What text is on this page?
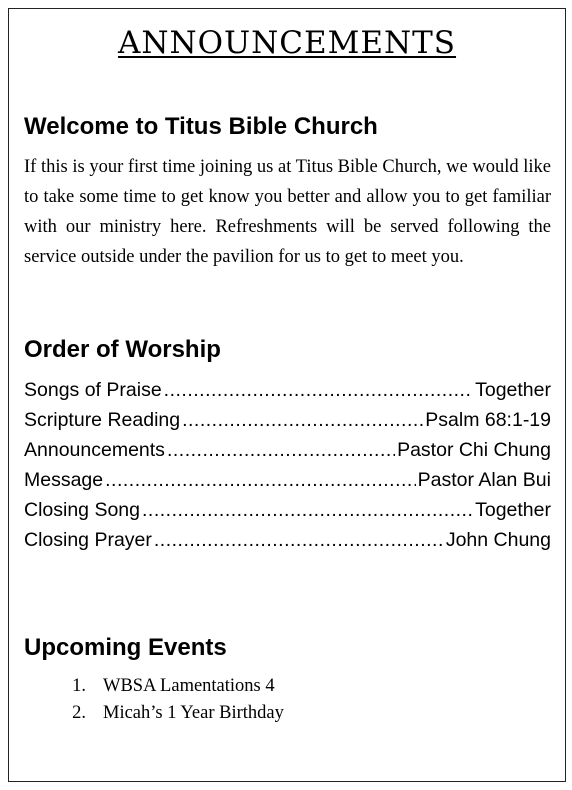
ANNOUNCEMENTS
Welcome to Titus Bible Church

If this is your first time joining us at Titus Bible Church, we would like to take some time to get know you better and allow you to get familiar with our ministry here. Refreshments will be served following the service outside under the pavilion for us to get to meet you.

Order of Worship
Songs of Praise .....	Together
Scripture Reading .....	Psalm 68:1-19
Announcements .....	Pastor Chi Chung
Message .....	Pastor Alan Bui
Closing Song .....	Together
Closing Prayer .....	John Chung
Upcoming Events
1. WBSA Lamentations 4
2. Micah’s 1 Year Birthday
